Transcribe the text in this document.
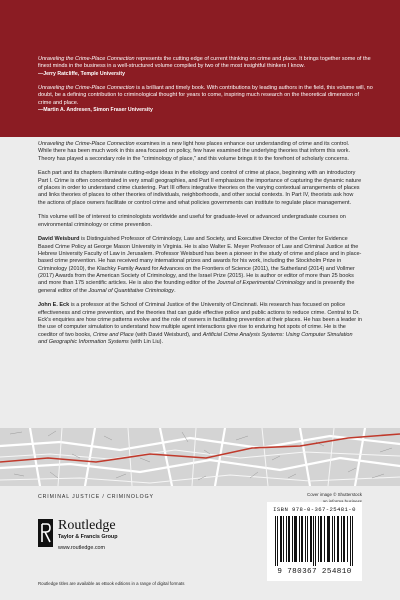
Unraveling the Crime-Place Connection represents the cutting edge of current thinking on crime and place. It brings together some of the finest minds in the business in a well-structured volume compiled by two of the most insightful thinkers I know.

—Jerry Ratcliffe, Temple University

Unraveling the Crime-Place Connection is a brilliant and timely book. With contributions by leading authors in the field, this volume will, no doubt, be a defining contribution to criminological thought for years to come, inspiring much research on the theoretical dimension of crime and place.

—Martin A. Andresen, Simon Fraser University

Unraveling the Crime-Place Connection examines in a new light how places enhance our understanding of crime and its control. While there has been much work in this area focused on policy, few have examined the underlying theories that inform this work. Theory has played a secondary role in the "criminology of place," and this volume brings it to the forefront of scholarly concerns.

Each part and its chapters illuminate cutting-edge ideas in the etiology and control of crime at place, beginning with an introductory Part I. Crime is often concentrated in very small geographies, and Part II emphasizes the importance of capturing the dynamic nature of places in order to understand crime clustering. Part III offers integrative theories on the varying contextual arrangements of places and links theories of places to other theories of individuals, neighborhoods, and other social contexts. In Part IV, theorists ask how the actions of place owners facilitate or control crime and what policies governments can institute to regulate place management.

This volume will be of interest to criminologists worldwide and useful for graduate-level or advanced undergraduate courses on environmental criminology or crime prevention.

David Weisburd is Distinguished Professor of Criminology, Law and Society, and Executive Director of the Center for Evidence Based Crime Policy at George Mason University in Virginia. He is also Walter E. Meyer Professor of Law and Criminal Justice at the Hebrew University Faculty of Law in Jerusalem. Professor Weisburd has been a pioneer in the study of crime and place and in place-based crime prevention. He has received many international prizes and awards for his work, including the Stockholm Prize in Criminology (2010), the Klachky Family Award for Advances on the Frontiers of Science (2011), the Sutherland (2014) and Vollmer (2017) Awards from the American Society of Criminology, and the Israel Prize (2015). He is author or editor of more than 25 books and more than 175 scientific articles. He is also the founding editor of the Journal of Experimental Criminology and is presently the general editor of the Journal of Quantitative Criminology.

John E. Eck is a professor at the School of Criminal Justice of the University of Cincinnati. His research has focused on police effectiveness and crime prevention, and the theories that can guide effective police and public actions to reduce crime. Central to Dr. Eck's enquiries are how crime patterns evolve and the role of owners in facilitating prevention at their places. He has been a leader in the use of computer simulation to understand how multiple agent interactions give rise to enduring hot spots of crime. He is the coeditor of two books, Crime and Place (with David Weisburd), and Artificial Crime Analysis Systems: Using Computer Simulation and Geographic Information Systems (with Lin Liu).

CRIMINAL JUSTICE / CRIMINOLOGY	Cover image © Shutterstock
Routledge
Taylor & Francis Group
www.routledge.com
Routledge titles are available as eBook editions in a range of digital formats
ISBN 978-0-367-25481-0
9 780367 254810
